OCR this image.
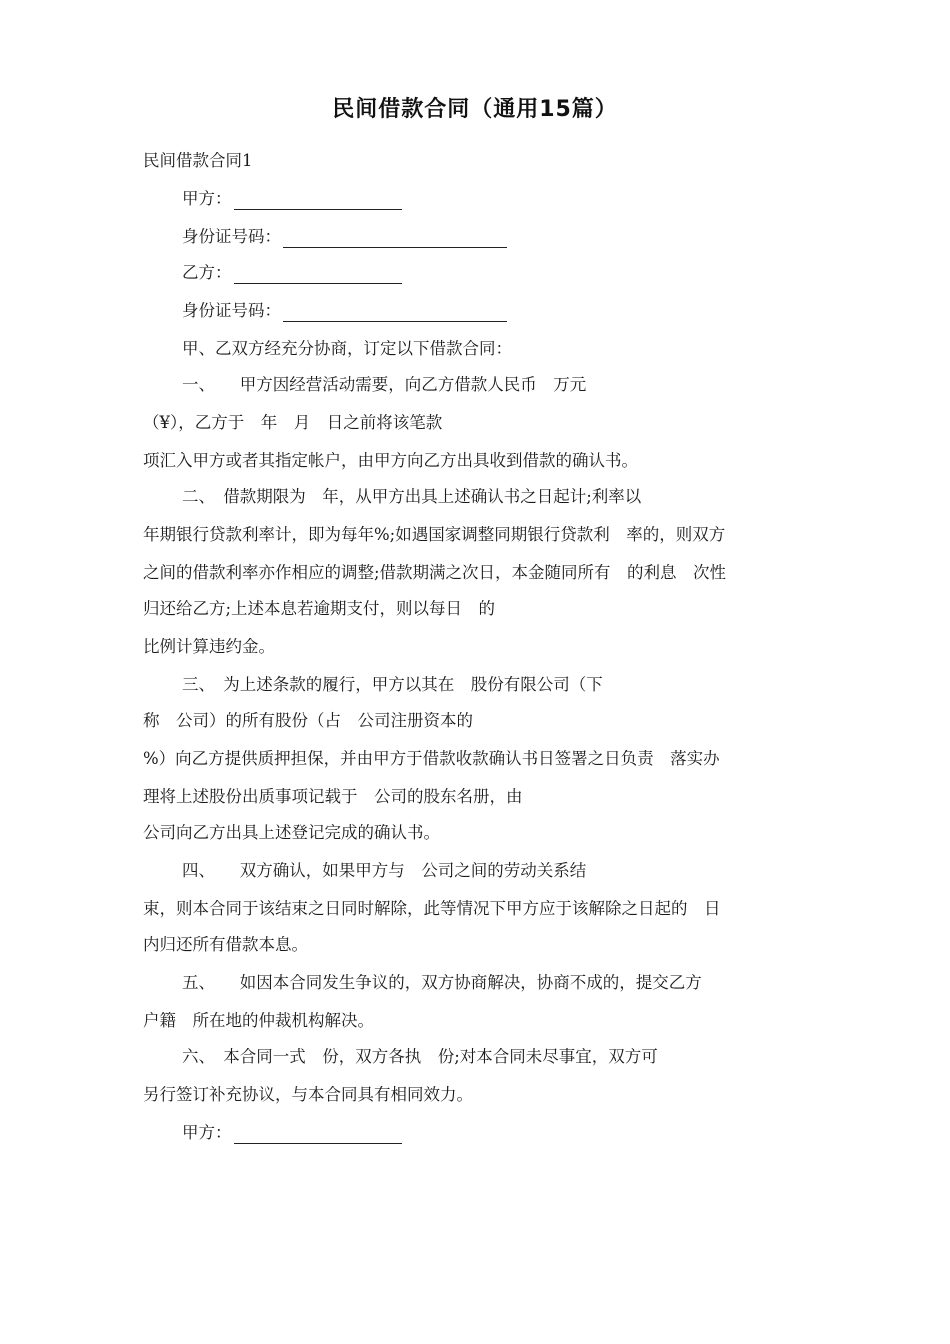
民间借款合同（通用15篇）

民间借款合同1

甲方：

身份证号码：

乙方：

身份证号码：

甲、乙双方经充分协商，订定以下借款合同：

一、　　甲方因经营活动需要，向乙方借款人民币　万元

（¥），乙方于　年　月　日之前将该笔款

项汇入甲方或者其指定帐户，由甲方向乙方出具收到借款的确认书。

二、　借款期限为　年，从甲方出具上述确认书之日起计;利率以

年期银行贷款利率计，即为每年%;如遇国家调整同期银行贷款利　率的，则双方

之间的借款利率亦作相应的调整;借款期满之次日，本金随同所有　的利息　次性

归还给乙方;上述本息若逾期支付，则以每日　的

比例计算违约金。

三、　为上述条款的履行，甲方以其在　股份有限公司（下

称　公司）的所有股份（占　公司注册资本的

%）向乙方提供质押担保，并由甲方于借款收款确认书日签署之日负责　落实办

理将上述股份出质事项记载于　公司的股东名册，由

公司向乙方出具上述登记完成的确认书。

四、　　双方确认，如果甲方与　公司之间的劳动关系结

束，则本合同于该结束之日同时解除，此等情况下甲方应于该解除之日起的　日

内归还所有借款本息。

五、　　如因本合同发生争议的，双方协商解决，协商不成的，提交乙方

户籍　所在地的仲裁机构解决。

六、　本合同一式　份，双方各执　份;对本合同未尽事宜，双方可

另行签订补充协议，与本合同具有相同效力。

甲方：
